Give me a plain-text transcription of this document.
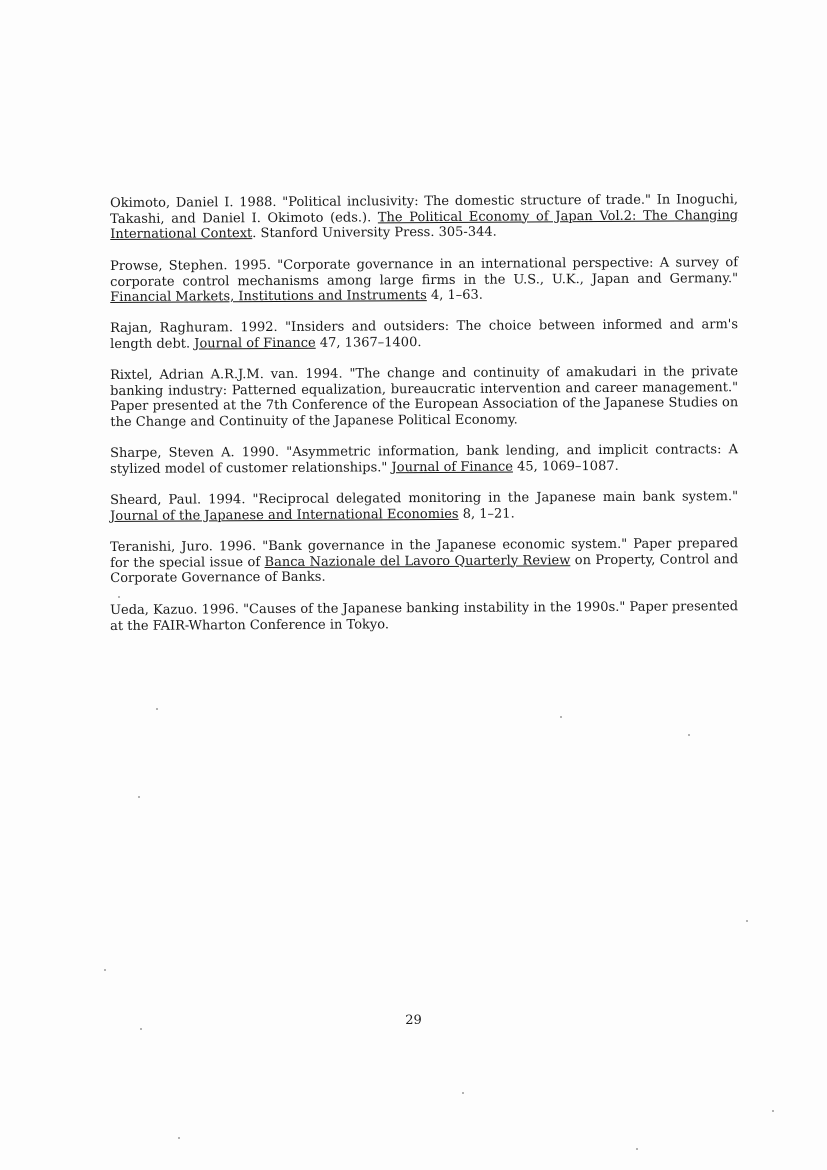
Okimoto, Daniel I. 1988. "Political inclusivity: The domestic structure of trade." In Inoguchi, Takashi, and Daniel I. Okimoto (eds.). The Political Economy of Japan Vol.2: The Changing International Context. Stanford University Press. 305-344.

Prowse, Stephen. 1995. "Corporate governance in an international perspective: A survey of corporate control mechanisms among large firms in the U.S., U.K., Japan and Germany." Financial Markets, Institutions and Instruments 4, 1–63.

Rajan, Raghuram. 1992. "Insiders and outsiders: The choice between informed and arm's length debt. Journal of Finance 47, 1367–1400.

Rixtel, Adrian A.R.J.M. van. 1994. "The change and continuity of amakudari in the private banking industry: Patterned equalization, bureaucratic intervention and career management." Paper presented at the 7th Conference of the European Association of the Japanese Studies on the Change and Continuity of the Japanese Political Economy.

Sharpe, Steven A. 1990. "Asymmetric information, bank lending, and implicit contracts: A stylized model of customer relationships." Journal of Finance 45, 1069–1087.

Sheard, Paul. 1994. "Reciprocal delegated monitoring in the Japanese main bank system." Journal of the Japanese and International Economies 8, 1–21.

Teranishi, Juro. 1996. "Bank governance in the Japanese economic system." Paper prepared for the special issue of Banca Nazionale del Lavoro Quarterly Review on Property, Control and Corporate Governance of Banks.

Ueda, Kazuo. 1996. "Causes of the Japanese banking instability in the 1990s." Paper presented at the FAIR-Wharton Conference in Tokyo.

29
